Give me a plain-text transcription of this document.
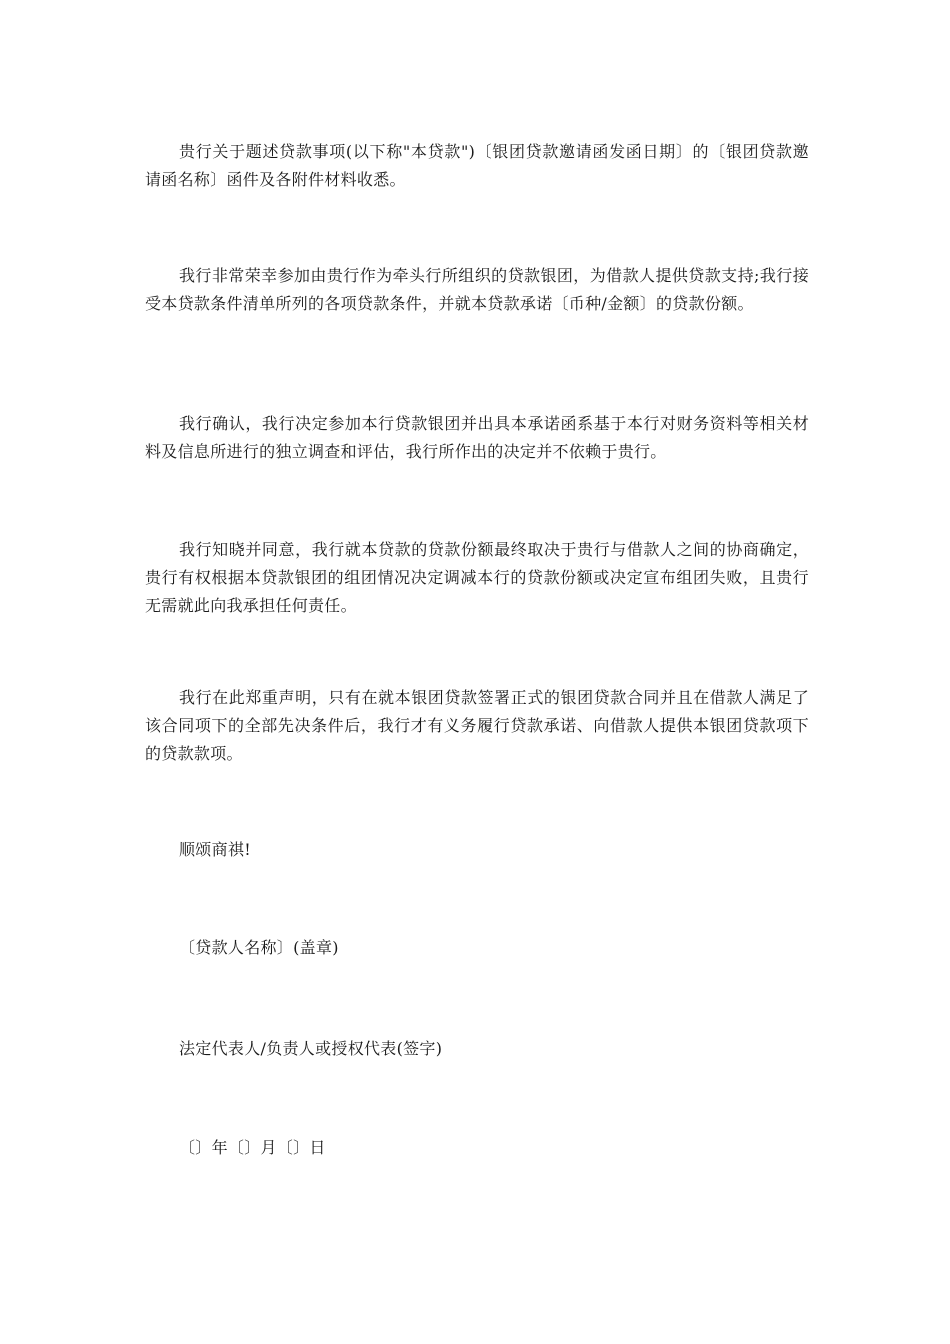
贵行关于题述贷款事项(以下称"本贷款")〔银团贷款邀请函发函日期〕的〔银团贷款邀请函名称〕函件及各附件材料收悉。

我行非常荣幸参加由贵行作为牵头行所组织的贷款银团，为借款人提供贷款支持;我行接受本贷款条件清单所列的各项贷款条件，并就本贷款承诺〔币种/金额〕的贷款份额。

我行确认，我行决定参加本行贷款银团并出具本承诺函系基于本行对财务资料等相关材料及信息所进行的独立调查和评估，我行所作出的决定并不依赖于贵行。

我行知晓并同意，我行就本贷款的贷款份额最终取决于贵行与借款人之间的协商确定，贵行有权根据本贷款银团的组团情况决定调减本行的贷款份额或决定宣布组团失败，且贵行无需就此向我承担任何责任。

我行在此郑重声明，只有在就本银团贷款签署正式的银团贷款合同并且在借款人满足了该合同项下的全部先决条件后，我行才有义务履行贷款承诺、向借款人提供本银团贷款项下的贷款款项。

顺颂商祺!

〔贷款人名称〕(盖章)

法定代表人/负责人或授权代表(签字)

〔〕年〔〕月〔〕日
